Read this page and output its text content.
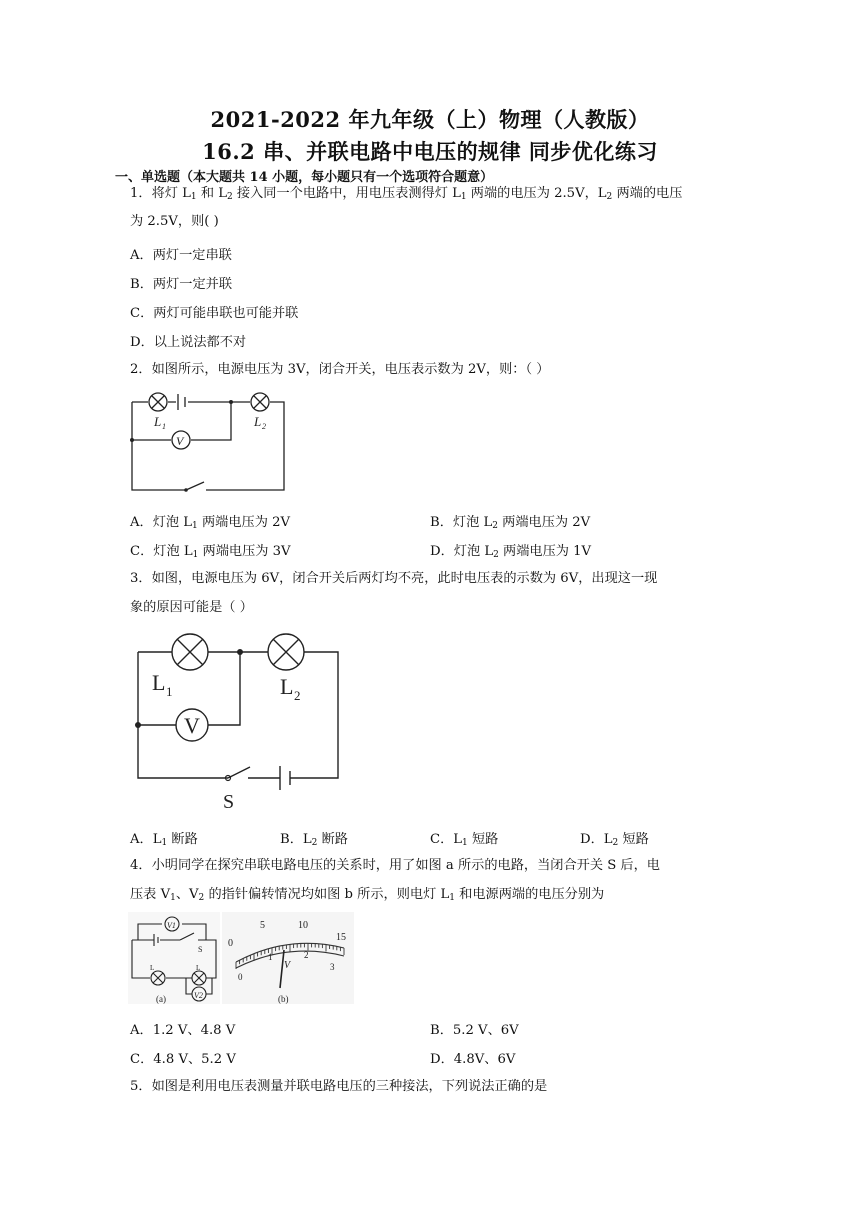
2021-2022 年九年级（上）物理（人教版）
16.2 串、并联电路中电压的规律 同步优化练习
一、单选题（本大题共 14 小题，每小题只有一个选项符合题意）
1．将灯 $L_1$ 和 $L_2$ 接入同一个电路中，用电压表测得灯 $L_1$ 两端的电压为 2.5V，$L_2$ 两端的电压
为 2.5V，则( )
A．两灯一定串联
B．两灯一定并联
C．两灯可能串联也可能并联
D．以上说法都不对
2．如图所示，电源电压为 3V，闭合开关，电压表示数为 2V，则：（ ）
V
L 1	L 2
A．灯泡 $L_1$ 两端电压为 2V	B．灯泡 $L_2$ 两端电压为 2V
C．灯泡 $L_1$ 两端电压为 3V	D．灯泡 $L_2$ 两端电压为 1V
3．如图，电源电压为 6V，闭合开关后两灯均不亮，此时电压表的示数为 6V，出现这一现
象的原因可能是（ ）
L 1	L 2
V
S
A．$L_1$ 断路	B．$L_2$ 断路	C．$L_1$ 短路	D．$L_2$ 短路
4．小明同学在探究串联电路电压的关系时，用了如图 a 所示的电路，当闭合开关 S 后，电
压表 $V_1$、$V_2$ 的指针偏转情况均如图 b 所示，则电灯 $L_1$ 和电源两端的电压分别为
V1
V2
S
L	L
(a)
0
5	10
15
0
1	2
3
V
(b)
A．1.2 V、4.8 V	B．5.2 V、6V
C．4.8 V、5.2 V	D．4.8V、6V
5．如图是利用电压表测量并联电路电压的三种接法，下列说法正确的是
